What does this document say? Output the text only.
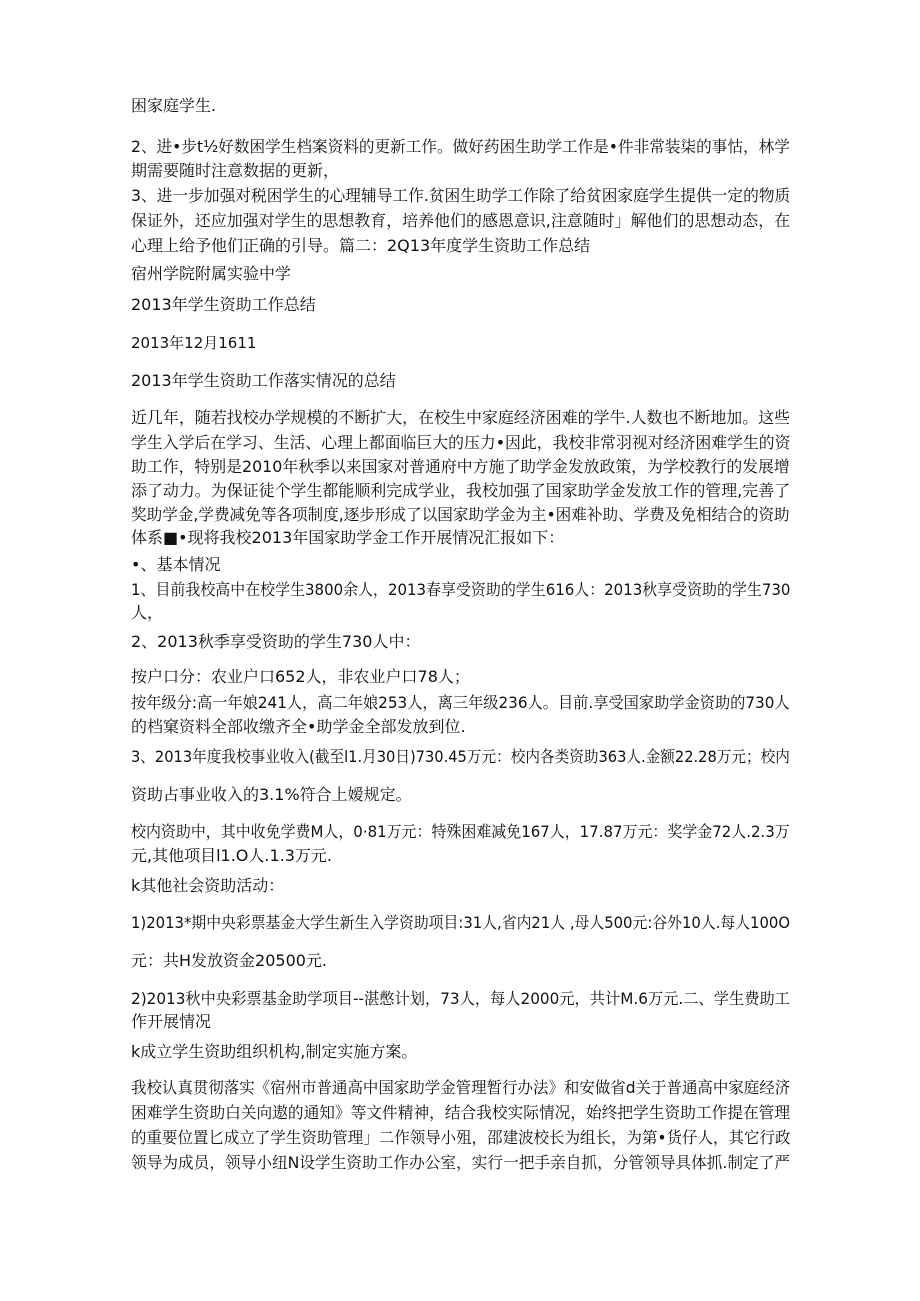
困家庭学生.
2、进•步t½好数困学生档案资料的更新工作。做好药困生助学工作是•件非常装柒的事怙，林学
期需要随时注意数据的更新，
3、进一步加强对税困学生的心理辅导工作.贫困生助学工作除了给贫困家庭学生提供一定的物质
保证外，还应加强对学生的思想教育，培养他们的感恩意识,注意随时」解他们的思想动态，在
心理上给予他们正确的引导。篇二：2Q13年度学生资助工作总结
宿州学院附属实验中学
2013年学生资助工作总结
2013年12月1611
2013年学生资助工作落实情况的总结
近几年，随若找校办学规模的不断扩大，在校生中家庭经济困难的学牛.人数也不断地加。这些
学生入学后在学习、生活、心理上都面临巨大的压力•因此，我校非常羽视对经济困难学生的资
助工作，特别是2010年秋季以来国家对普通府中方施了助学金发放政策，为学校教行的发展增
添了动力。为保证徒个学生都能顺利完成学业，我校加强了国家助学金发放工作的管理,完善了
奖助学金,学费减免等各项制度,逐步形成了以国家助学金为主•困难补助、学费及免相结合的资助
体系■•现将我校2013年国家助学金工作开展情况汇报如下：
•、基本情况
1、目前我校高中在校学生3800余人，2013春享受资助的学生616人：2013秋享受资助的学生730
人，
2、2013秋季享受资助的学生730人中：
按户口分：农业户口652人，非农业户口78人；
按年级分:高一年娘241人，高二年娘253人，离三年级236人。目前.享受国家助学金资助的730人
的档窠资料全部收缴齐全•助学金全部发放到位.
3、2013年度我校事业收入(截至l1.月30日)730.45万元：校内各类资助363人.金额22.28万元；校内
资助占事业收入的3.1%符合上嫒规定。
校内资助中，其中收免学费M人，0·81万元：特殊困难减免167人，17.87万元：奖学金72⼈.2.3万
元,其他项目l1.O人.1.3万元.
k其他社会资助活动：
1)2013*期中央彩票基金大学生新生入学资助项目:31人,省内21人 ,母人500元:谷外10人.每人100O
元：共H发放资金20500元.
2)2013秋中央彩票基金助学项目--湛憋计划，73人，每人2000元，共计M.6万元.二、学生费助工
作开展情况
k成立学生资助组织机构,制定实施方案。
我校认真贯彻落实《宿州市普通高中国家助学金管理暂行办法》和安做省d关于普通高中家庭经济
困难学生资助白关向遨的通知》等文件精神，结合我校实际情况，始终把学生资助工作提在管理
的重要位置匕成立了学生资助管理」二作领导小殂，邵建波校长为组长，为第•货仔人，其它行政
领导为成员，领导小纽N设学生资助工作办公室，实行一把手亲自抓，分管领导具体抓.制定了严
